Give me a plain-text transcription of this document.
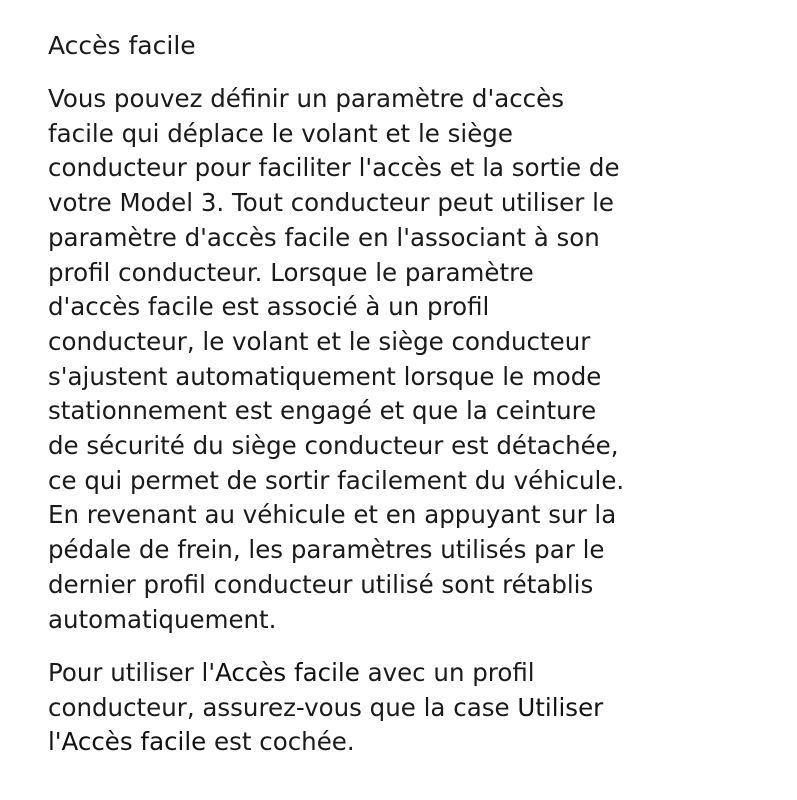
Accès facile

Vous pouvez définir un paramètre d'accès
facile qui déplace le volant et le siège
conducteur pour faciliter l'accès et la sortie de
votre Model 3. Tout conducteur peut utiliser le
paramètre d'accès facile en l'associant à son
profil conducteur. Lorsque le paramètre
d'accès facile est associé à un profil
conducteur, le volant et le siège conducteur
s'ajustent automatiquement lorsque le mode
stationnement est engagé et que la ceinture
de sécurité du siège conducteur est détachée,
ce qui permet de sortir facilement du véhicule.
En revenant au véhicule et en appuyant sur la
pédale de frein, les paramètres utilisés par le
dernier profil conducteur utilisé sont rétablis
automatiquement.

Pour utiliser l'Accès facile avec un profil
conducteur, assurez-vous que la case Utiliser
l'Accès facile est cochée.
